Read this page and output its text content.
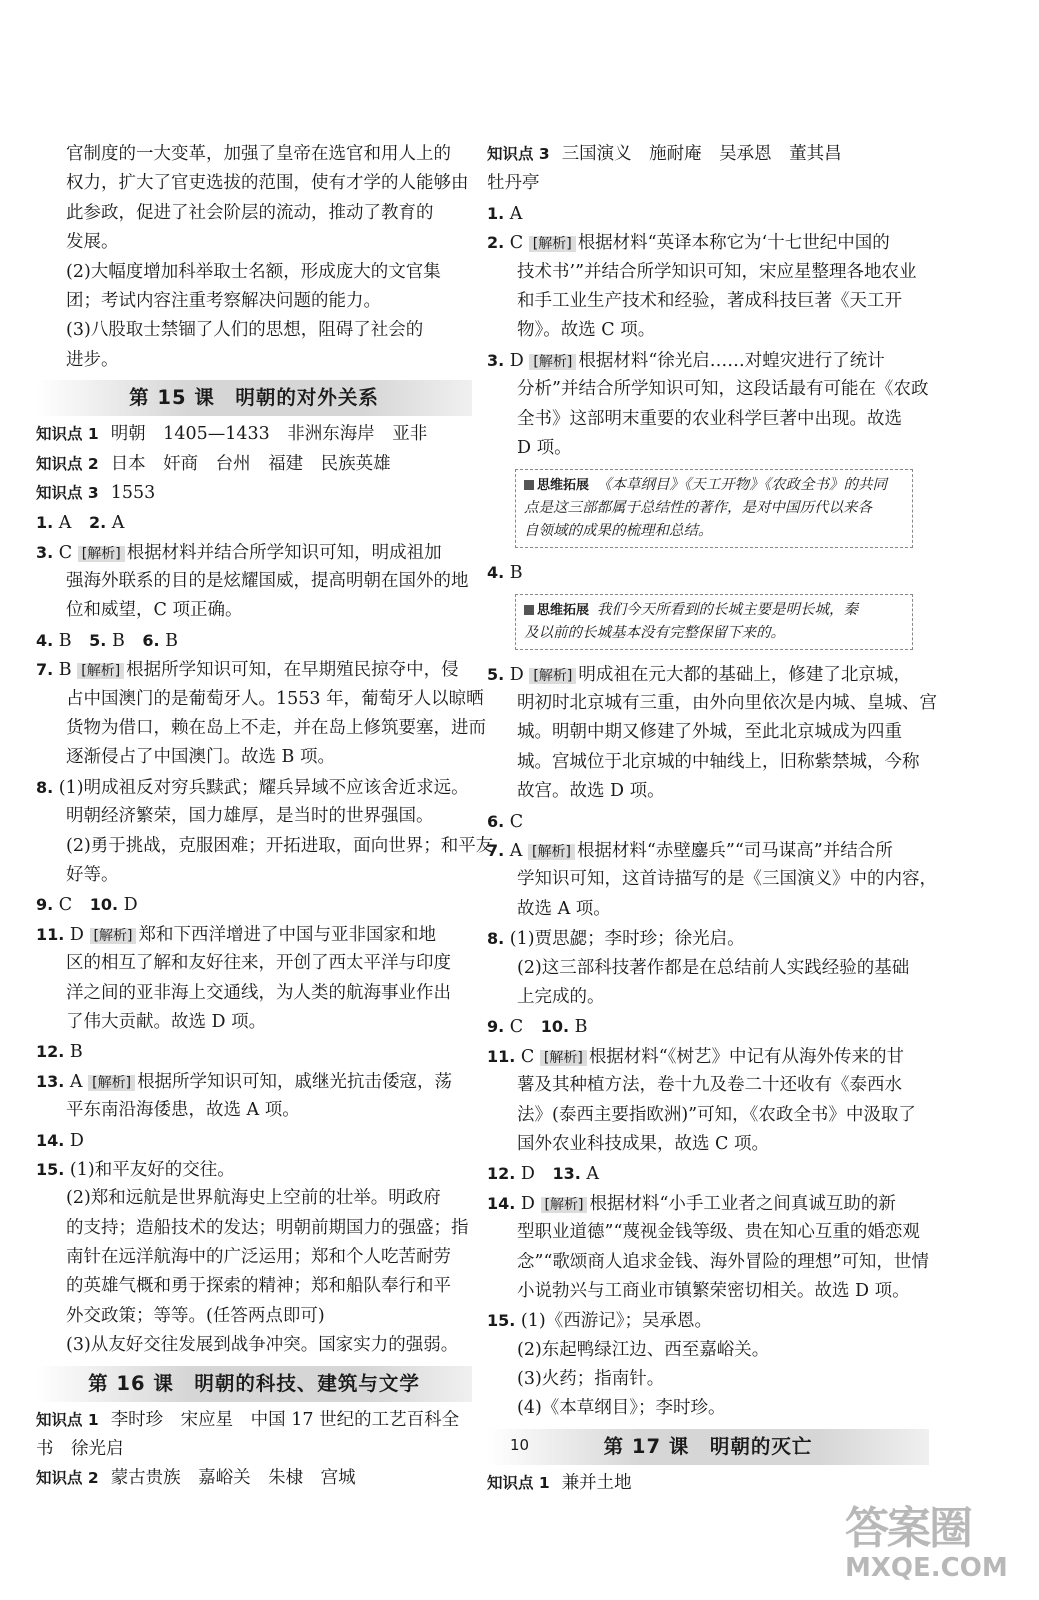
官制度的一大变革，加强了皇帝在选官和用人上的
权力，扩大了官吏选拔的范围，使有才学的人能够由
此参政，促进了社会阶层的流动，推动了教育的
发展。
(2)大幅度增加科举取士名额，形成庞大的文官集
团；考试内容注重考察解决问题的能力。
(3)八股取士禁锢了人们的思想，阻碍了社会的
进步。
第 15 课　明朝的对外关系
知识点 1 明朝　1405—1433　非洲东海岸　亚非
知识点 2 日本　奸商　台州　福建　民族英雄
知识点 3 1553
1. A　2. A
3. C [解析] 根据材料并结合所学知识可知，明成祖加
强海外联系的目的是炫耀国威，提高明朝在国外的地
位和威望，C 项正确。
4. B　5. B　6. B
7. B [解析] 根据所学知识可知，在早期殖民掠夺中，侵
占中国澳门的是葡萄牙人。1553 年，葡萄牙人以晾晒
货物为借口，赖在岛上不走，并在岛上修筑要塞，进而
逐渐侵占了中国澳门。故选 B 项。
8. (1)明成祖反对穷兵黩武；耀兵异域不应该舍近求远。
明朝经济繁荣，国力雄厚，是当时的世界强国。
(2)勇于挑战，克服困难；开拓进取，面向世界；和平友
好等。
9. C　10. D
11. D [解析] 郑和下西洋增进了中国与亚非国家和地
区的相互了解和友好往来，开创了西太平洋与印度
洋之间的亚非海上交通线，为人类的航海事业作出
了伟大贡献。故选 D 项。
12. B
13. A [解析] 根据所学知识可知，戚继光抗击倭寇，荡
平东南沿海倭患，故选 A 项。
14. D
15. (1)和平友好的交往。
(2)郑和远航是世界航海史上空前的壮举。明政府
的支持；造船技术的发达；明朝前期国力的强盛；指
南针在远洋航海中的广泛运用；郑和个人吃苦耐劳
的英雄气概和勇于探索的精神；郑和船队奉行和平
外交政策；等等。(任答两点即可)
(3)从友好交往发展到战争冲突。国家实力的强弱。
第 16 课　明朝的科技、建筑与文学
知识点 1 李时珍　宋应星　中国 17 世纪的工艺百科全
书　徐光启
知识点 2 蒙古贵族　嘉峪关　朱棣　宫城
知识点 3 三国演义　施耐庵　吴承恩　董其昌
牡丹亭
1. A
2. C [解析] 根据材料“英译本称它为‘十七世纪中国的
技术书’”并结合所学知识可知，宋应星整理各地农业
和手工业生产技术和经验，著成科技巨著《天工开
物》。故选 C 项。
3. D [解析] 根据材料“徐光启……对蝗灾进行了统计
分析”并结合所学知识可知，这段话最有可能在《农政
全书》这部明末重要的农业科学巨著中出现。故选
D 项。
思维拓展 《本草纲目》《天工开物》《农政全书》的共同
点是这三部都属于总结性的著作，是对中国历代以来各
自领域的成果的梳理和总结。
4. B
思维拓展 我们今天所看到的长城主要是明长城，秦
及以前的长城基本没有完整保留下来的。
5. D [解析] 明成祖在元大都的基础上，修建了北京城，
明初时北京城有三重，由外向里依次是内城、皇城、宫
城。明朝中期又修建了外城，至此北京城成为四重
城。宫城位于北京城的中轴线上，旧称紫禁城，今称
故宫。故选 D 项。
6. C
7. A [解析] 根据材料“赤壁鏖兵”“司马谋高”并结合所
学知识可知，这首诗描写的是《三国演义》中的内容，
故选 A 项。
8. (1)贾思勰；李时珍；徐光启。
(2)这三部科技著作都是在总结前人实践经验的基础
上完成的。
9. C　10. B
11. C [解析] 根据材料“《树艺》中记有从海外传来的甘
薯及其种植方法，卷十九及卷二十还收有《泰西水
法》(泰西主要指欧洲)”可知，《农政全书》中汲取了
国外农业科技成果，故选 C 项。
12. D　13. A
14. D [解析] 根据材料“小手工业者之间真诚互助的新
型职业道德”“蔑视金钱等级、贵在知心互重的婚恋观
念”“歌颂商人追求金钱、海外冒险的理想”可知，世情
小说勃兴与工商业市镇繁荣密切相关。故选 D 项。
15. (1)《西游记》；吴承恩。
(2)东起鸭绿江边、西至嘉峪关。
(3)火药；指南针。
(4)《本草纲目》；李时珍。
第 17 课　明朝的灭亡
知识点 1 兼并土地
10
答案圈
MXQE.COM
